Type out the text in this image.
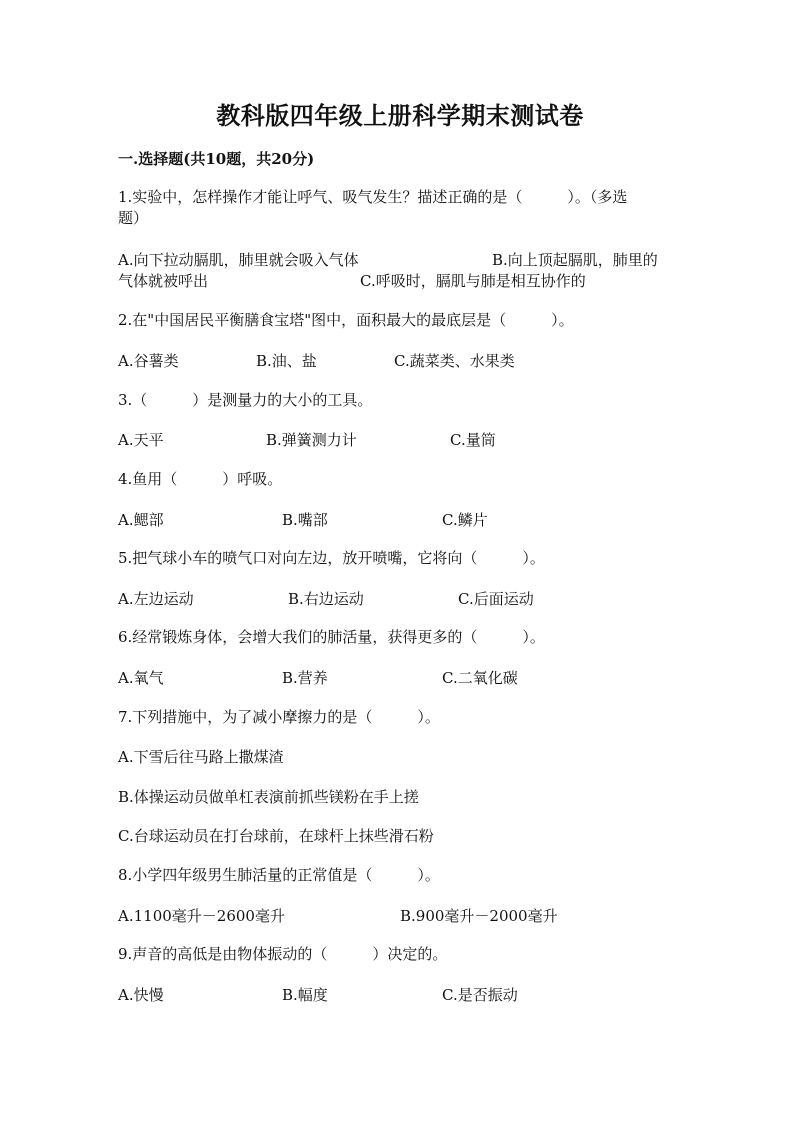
教科版四年级上册科学期末测试卷
一.选择题(共10题，共20分)
1.实验中，怎样操作才能让呼气、吸气发生？描述正确的是（　　　）。（多选
题）
A.向下拉动膈肌，肺里就会吸入气体	B.向上顶起膈肌，肺里的
气体就被呼出	C.呼吸时，膈肌与肺是相互协作的
2.在"中国居民平衡膳食宝塔"图中，面积最大的最底层是（　　　）。
A.谷薯类	B.油、盐	C.蔬菜类、水果类
3.（　　　）是测量力的大小的工具。
A.天平	B.弹簧测力计	C.量筒
4.鱼用（　　　）呼吸。
A.鳃部	B.嘴部	C.鳞片
5.把气球小车的喷气口对向左边，放开喷嘴，它将向（　　　）。
A.左边运动	B.右边运动	C.后面运动
6.经常锻炼身体，会增大我们的肺活量，获得更多的（　　　）。
A.氧气	B.营养	C.二氧化碳
7.下列措施中，为了减小摩擦力的是（　　　）。
A.下雪后往马路上撒煤渣
B.体操运动员做单杠表演前抓些镁粉在手上搓
C.台球运动员在打台球前，在球杆上抹些滑石粉
8.小学四年级男生肺活量的正常值是（　　　）。
A.1100毫升－2600毫升	B.900毫升－2000毫升
9.声音的高低是由物体振动的（　　　）决定的。
A.快慢	B.幅度	C.是否振动
